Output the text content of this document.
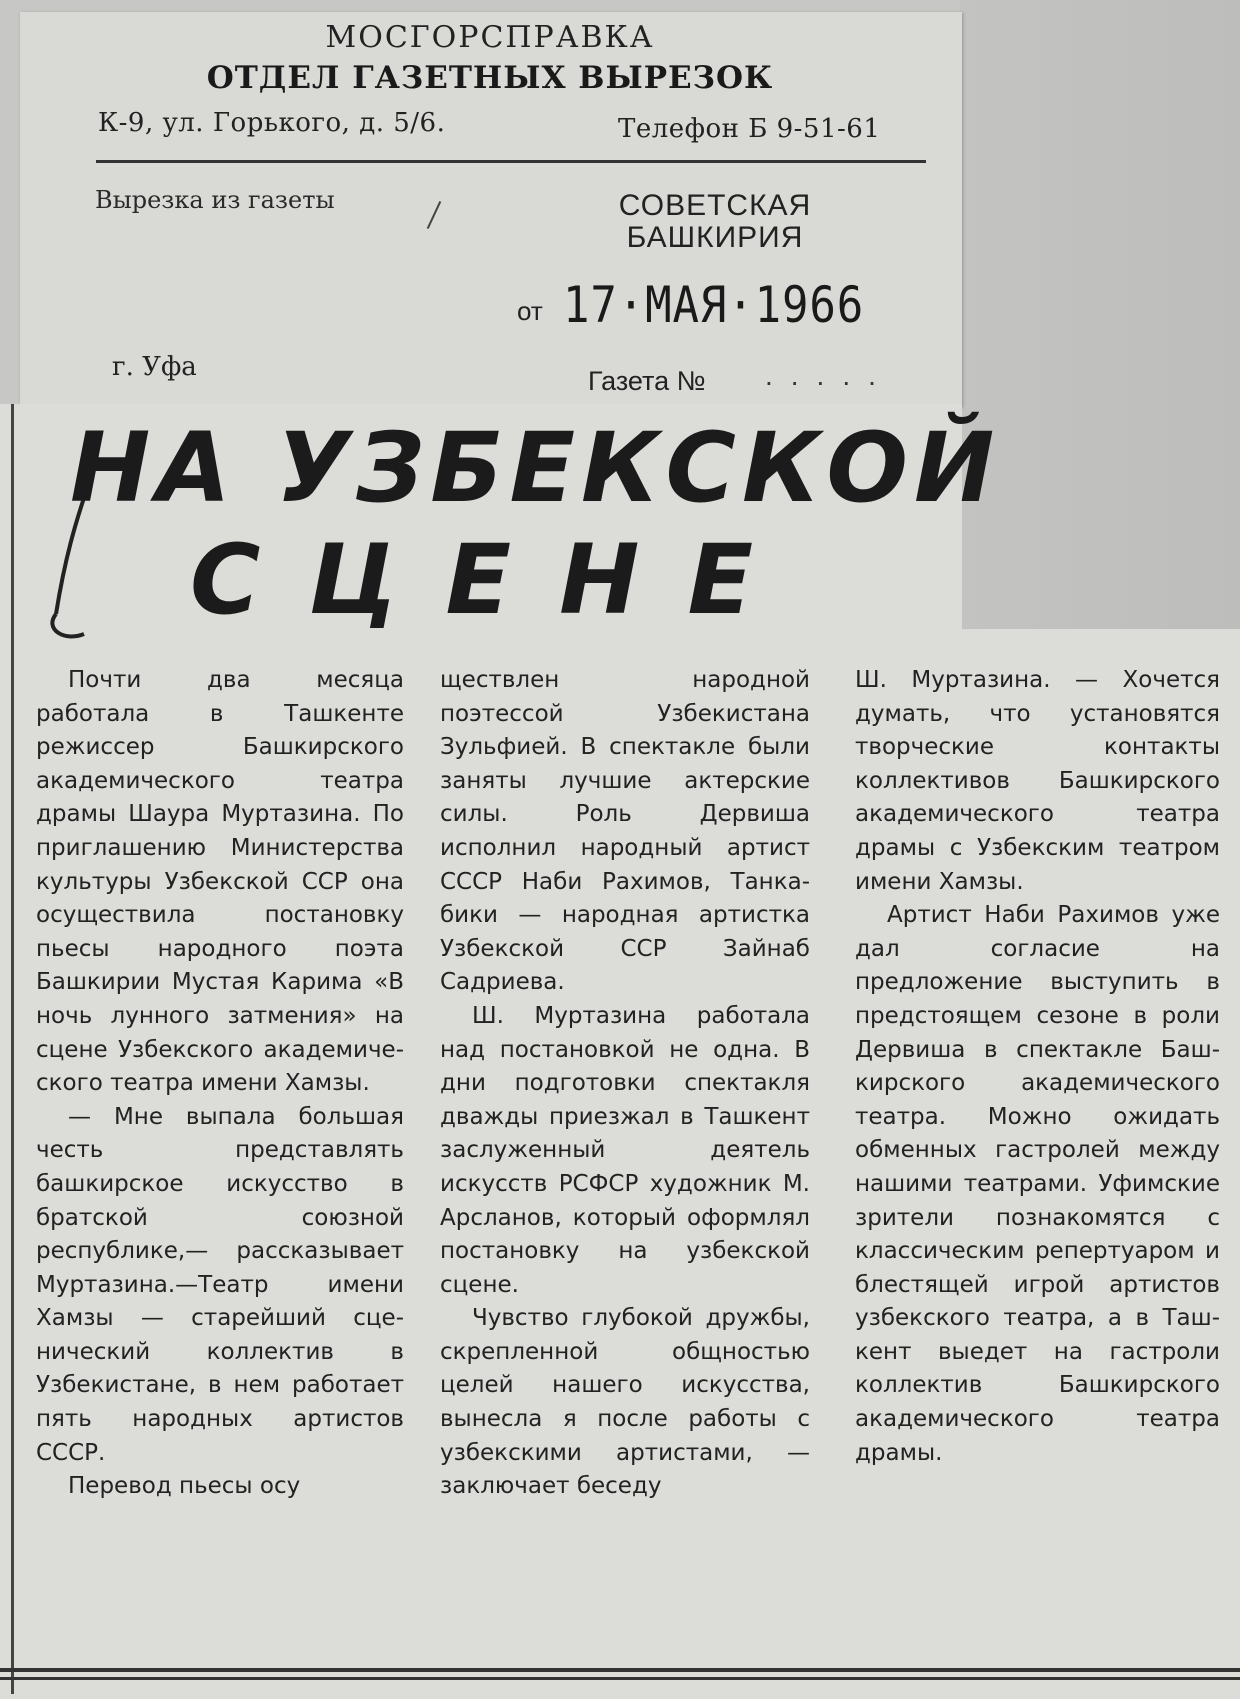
МОСГОРСПРАВКА
ОТДЕЛ ГАЗЕТНЫХ ВЫРЕЗОК
К-9, ул. Горького, д. 5/6.	Телефон Б 9-51-61
Вырезка из газеты	СОВЕТСКАЯ БАШКИРИЯ
от 17·МАЯ·1966
г. Уфа	Газета № .....
НА УЗБЕКСКОЙ
СЦЕНЕ

Почти два месяца работала в Ташкенте режиссер Башкирского академического театра драмы Шаура Муртазина. По приглашению Министерства культуры Узбекской ССР она осуществила постановку пьесы народного поэта Башкирии Мустая Карима «В ночь лунного затмения» на сцене Узбекского академического театра имени Хамзы.

— Мне выпала большая честь представлять башкирское искусство в братской союзной республике,— рассказывает Муртазина.—Театр имени Хамзы — старейший сценический коллектив в Узбекистане, в нем работает пять народных артистов СССР.

Перевод пьесы осу

ществлен народной поэтессой Узбекистана Зульфией. В спектакле были заняты лучшие актерские силы. Роль Дервиша исполнил народный артист СССР Наби Рахимов, Танкабики — народная артистка Узбекской ССР Зайнаб Садриева.

Ш. Муртазина работала над постановкой не одна. В дни подготовки спектакля дважды приезжал в Ташкент заслуженный деятель искусств РСФСР художник М. Арсланов, который оформлял постановку на узбекской сцене.

Чувство глубокой дружбы, скрепленной общностью целей нашего искусства, вынесла я после работы с узбекскими артистами, — заключает беседу

Ш. Муртазина. — Хочется думать, что установятся творческие контакты коллективов Башкирского академического театра драмы с Узбекским театром имени Хамзы.

Артист Наби Рахимов уже дал согласие на предложение выступить в предстоящем сезоне в роли Дервиша в спектакле Башкирского академического театра. Можно ожидать обменных гастролей между нашими театрами. Уфимские зрители познакомятся с классическим репертуаром и блестящей игрой артистов узбекского театра, а в Ташкент выедет на гастроли коллектив Башкирского академического театра драмы.
